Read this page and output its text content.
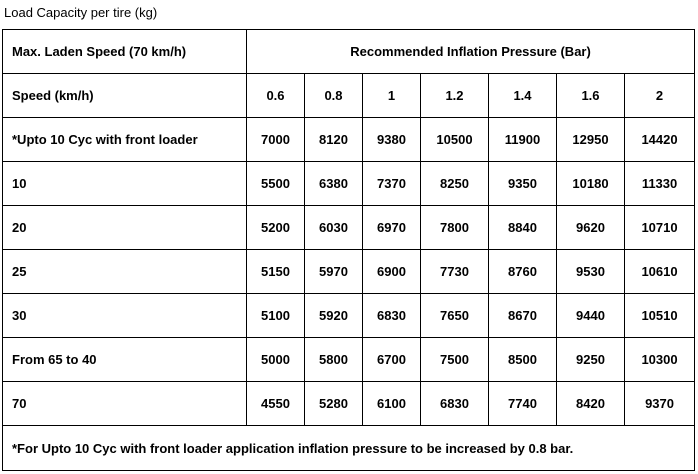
Load Capacity per tire (kg)
Max. Laden Speed (70 km/h)	Recommended Inflation Pressure (Bar)						
Speed (km/h)	0.6	0.8	1	1.2	1.4	1.6	2
*Upto 10 Cyc with front loader	7000	8120	9380	10500	11900	12950	14420
10	5500	6380	7370	8250	9350	10180	11330
20	5200	6030	6970	7800	8840	9620	10710
25	5150	5970	6900	7730	8760	9530	10610
30	5100	5920	6830	7650	8670	9440	10510
From 65 to 40	5000	5800	6700	7500	8500	9250	10300
70	4550	5280	6100	6830	7740	8420	9370
*For Upto 10 Cyc with front loader application inflation pressure to be increased by 0.8 bar.							
